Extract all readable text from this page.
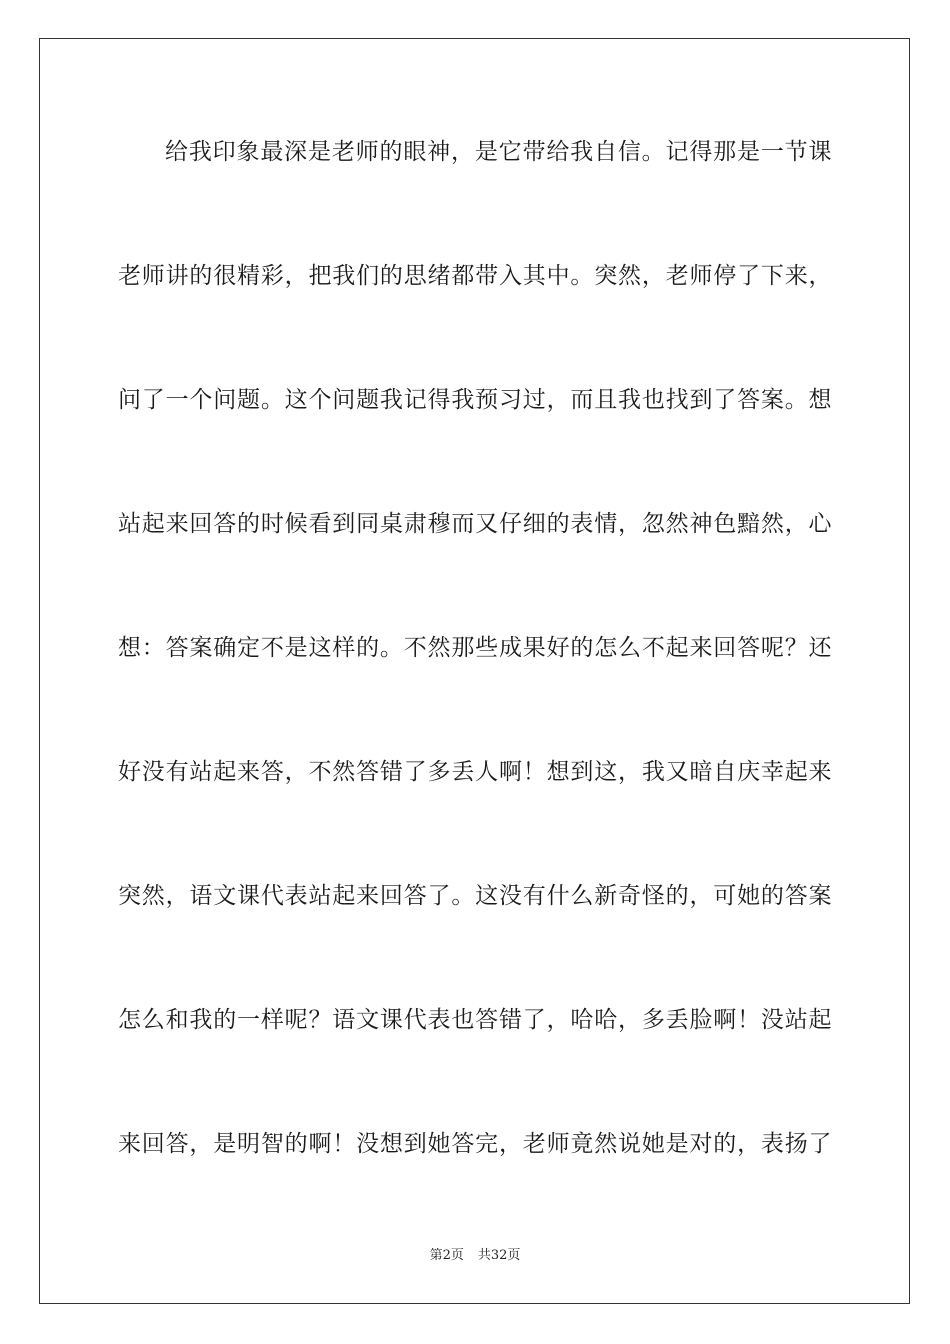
给我印象最深是老师的眼神，是它带给我自信。记得那是一节课
老师讲的很精彩，把我们的思绪都带入其中。突然，老师停了下来，
问了一个问题。这个问题我记得我预习过，而且我也找到了答案。想
站起来回答的时候看到同桌肃穆而又仔细的表情，忽然神色黯然，心
想：答案确定不是这样的。不然那些成果好的怎么不起来回答呢？还
好没有站起来答，不然答错了多丢人啊！想到这，我又暗自庆幸起来
突然，语文课代表站起来回答了。这没有什么新奇怪的，可她的答案
怎么和我的一样呢？语文课代表也答错了，哈哈，多丢脸啊！没站起
来回答，是明智的啊！没想到她答完，老师竟然说她是对的，表扬了
第2页 共32页
